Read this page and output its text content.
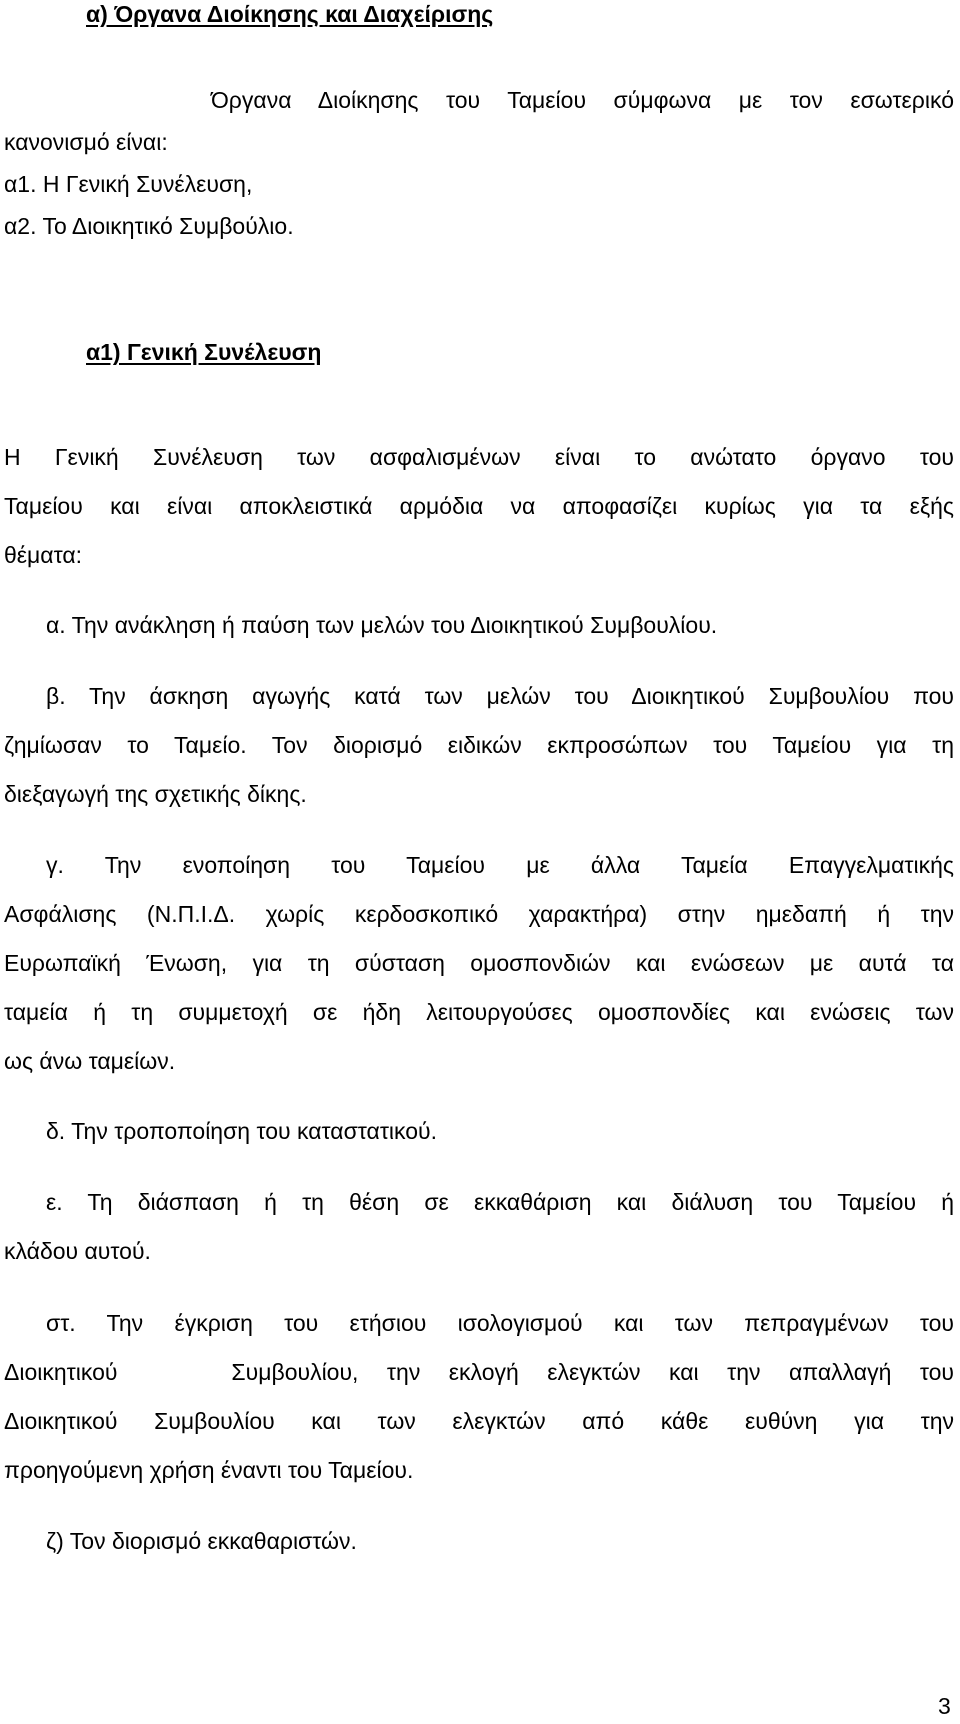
α) Όργανα Διοίκησης και Διαχείρισης
Όργανα Διοίκησης του Ταμείου σύμφωνα με τον εσωτερικό
κανονισμό είναι:
α1. Η Γενική Συνέλευση,
α2. Το Διοικητικό Συμβούλιο.
α1) Γενική Συνέλευση
Η Γενική Συνέλευση των ασφαλισμένων είναι το ανώτατο όργανο του
Ταμείου και είναι αποκλειστικά αρμόδια να αποφασίζει κυρίως για τα εξής
θέματα:
α. Την ανάκληση ή παύση των μελών του Διοικητικού Συμβουλίου.
β. Την άσκηση αγωγής κατά των μελών του Διοικητικού Συμβουλίου που
ζημίωσαν το Ταμείο. Τον διορισμό ειδικών εκπροσώπων του Ταμείου για τη
διεξαγωγή της σχετικής δίκης.
γ. Την ενοποίηση του Ταμείου με άλλα Ταμεία Επαγγελματικής
Ασφάλισης (Ν.Π.Ι.Δ. χωρίς κερδοσκοπικό χαρακτήρα) στην ημεδαπή ή την
Ευρωπαϊκή Ένωση, για τη σύσταση ομοσπονδιών και ενώσεων με αυτά τα
ταμεία ή τη συμμετοχή σε ήδη λειτουργούσες ομοσπονδίες και ενώσεις των
ως άνω ταμείων.
δ. Την τροποποίηση του καταστατικού.
ε. Τη διάσπαση ή τη θέση σε εκκαθάριση και διάλυση του Ταμείου ή
κλάδου αυτού.
στ. Την έγκριση του ετήσιου ισολογισμού και των πεπραγμένων του
Διοικητικού    Συμβουλίου, την εκλογή ελεγκτών και την απαλλαγή του
Διοικητικού Συμβουλίου και των ελεγκτών από κάθε ευθύνη για την
προηγούμενη χρήση έναντι του Ταμείου.
ζ) Τον διορισμό εκκαθαριστών.
3
